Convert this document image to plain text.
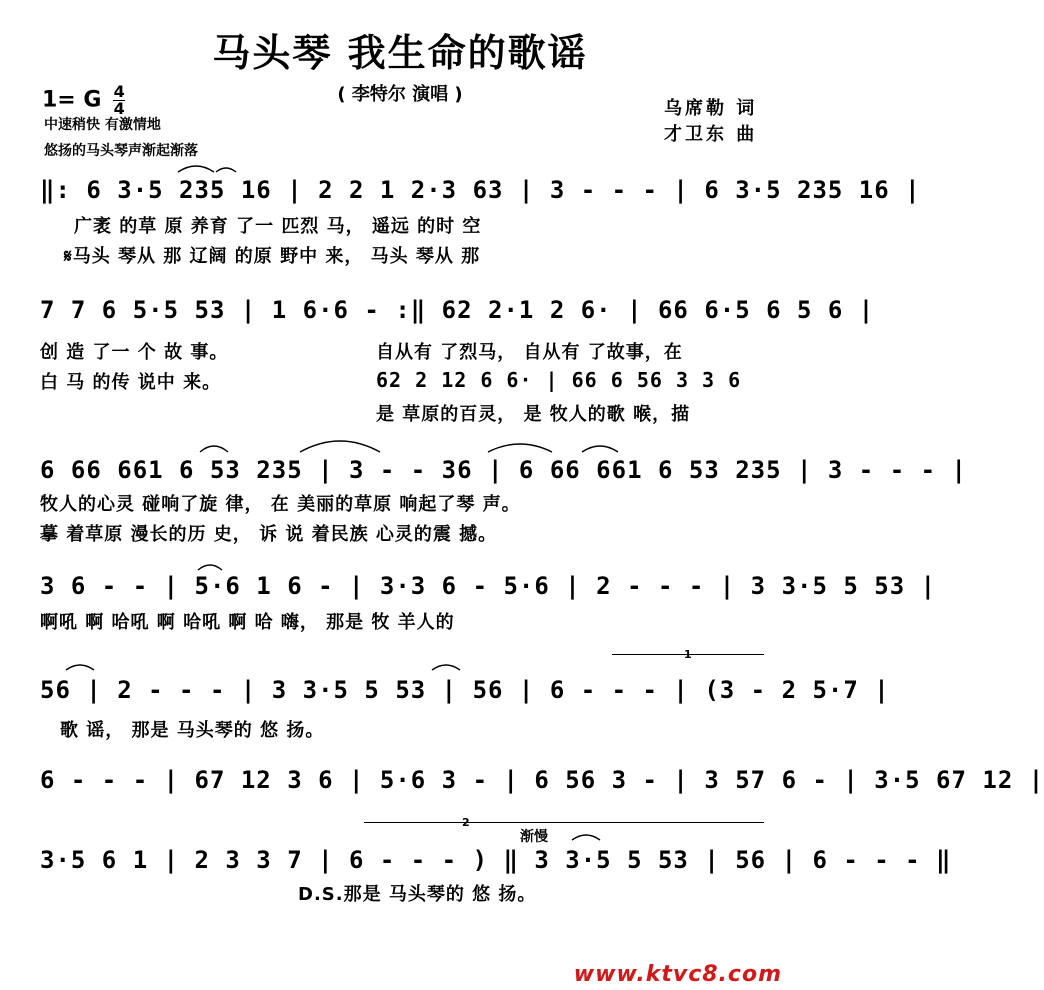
马头琴 我生命的歌谣
( 李特尔 演唱 )
1= G $\frac{4}{4}$
中速稍快 有激情地
悠扬的马头琴声渐起渐落
乌席勒 词
才卫东 曲
‖: 6 3·5 235 16 | 2 2 1 2·3 63 | 3 - - - | 6 3·5 235 16 |
广袤 的草 原 养育 了一 匹烈 马， 遥远 的时 空
𝄋马头 琴从 那 辽阔 的原 野中 来， 马头 琴从 那
7 7 6 5·5 53 | 1 6·6 - :‖ 62 2·1 2 6· | 66 6·5 6 5 6 |
创 造 了一 个 故 事。
白 马 的传 说中 来。
自从有 了烈马， 自从有 了故事，在
62 2 12 6 6· | 66 6 56 3 3 6
是 草原的百灵， 是 牧人的歌 喉，描
6 66 661 6 53 235 | 3 - - 36 | 6 66 661 6 53 235 | 3 - - - |
牧人的心灵 碰响了旋 律， 在 美丽的草原 响起了琴 声。
摹 着草原 漫长的历 史， 诉 说 着民族 心灵的震 撼。
3 6 - - | 5·6 1 6 - | 3·3 6 - 5·6 | 2 - - - | 3 3·5 5 53 |
啊吼 啊 哈吼 啊 哈吼 啊 哈 嗨， 那是 牧 羊人的
1
56 | 2 - - - | 3 3·5 5 53 | 56 | 6 - - - | (3 - 2 5·7 |
歌 谣， 那是 马头琴的 悠 扬。
6 - - - | 67 12 3 6 | 5·6 3 - | 6 56 3 - | 3 57 6 - | 3·5 67 12 |
2
渐慢
3·5 6 1 | 2 3 3 7 | 6 - - - ) ‖ 3 3·5 5 53 | 56 | 6 - - - ‖
D.S.那是 马头琴的 悠 扬。
www.ktvc8.com
